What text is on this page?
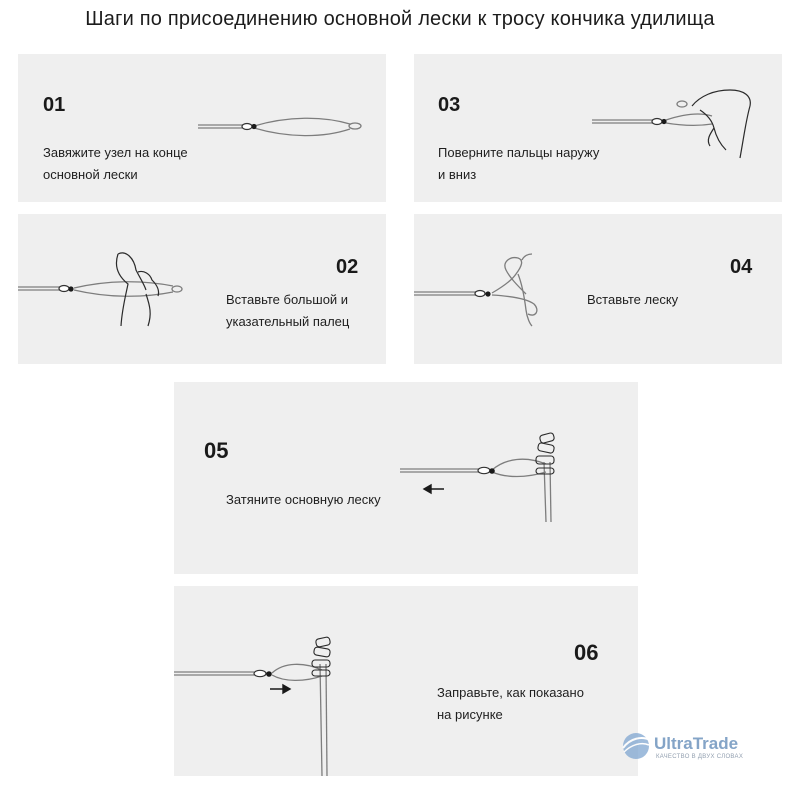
Шаги по присоединению основной лески к тросу кончика удилища
01
Завяжите узел на конце
основной лески
02
Вставьте большой и
указательный палец
03
Поверните пальцы наружу
и вниз
04
Вставьте леску
05
Затяните основную леску
06
Заправьте, как показано
на рисунке
UltraTrade
КАЧЕСТВО В ДВУХ СЛОВАХ
